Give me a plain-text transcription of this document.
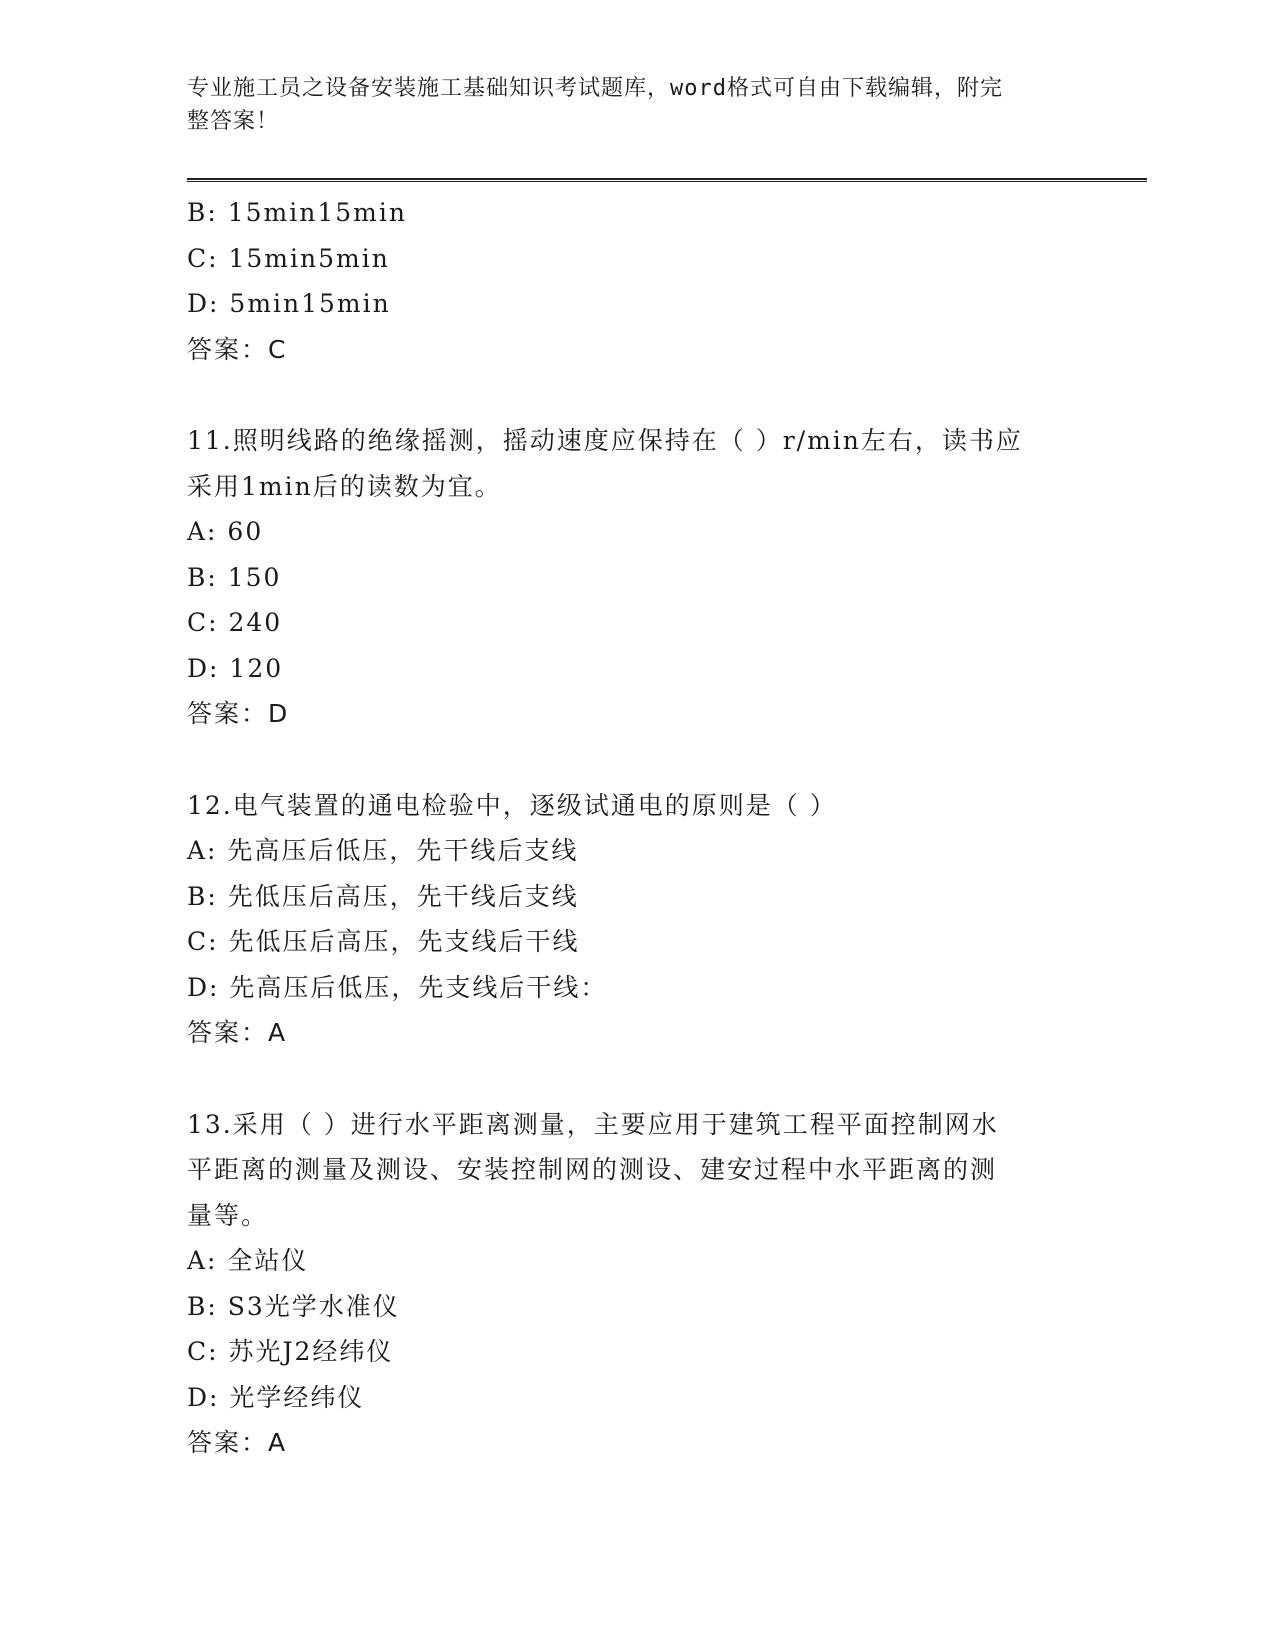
专业施工员之设备安装施工基础知识考试题库，word格式可自由下载编辑，附完
整答案！
B: 15min15min
C: 15min5min
D: 5min15min
答案：C
11.照明线路的绝缘摇测，摇动速度应保持在（ ）r/min左右，读书应
采用1min后的读数为宜。
A: 60
B: 150
C: 240
D: 120
答案：D
12.电气装置的通电检验中，逐级试通电的原则是（ ）
A: 先高压后低压，先干线后支线
B: 先低压后高压，先干线后支线
C: 先低压后高压，先支线后干线
D: 先高压后低压，先支线后干线：
答案：A
13.采用（ ）进行水平距离测量，主要应用于建筑工程平面控制网水
平距离的测量及测设、安装控制网的测设、建安过程中水平距离的测
量等。
A: 全站仪
B: S3光学水准仪
C: 苏光J2经纬仪
D: 光学经纬仪
答案：A
